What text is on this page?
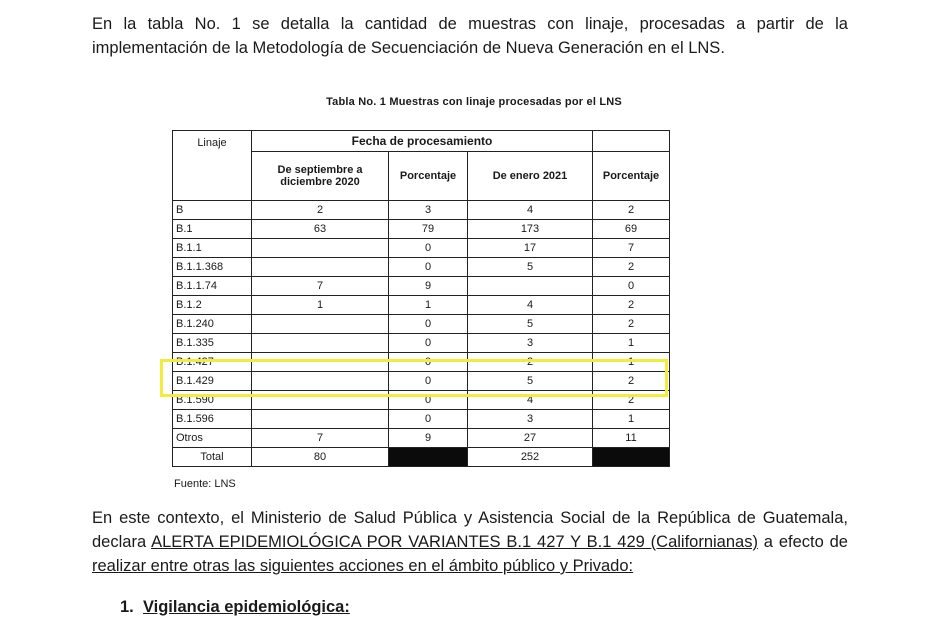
En la tabla No. 1 se detalla la cantidad de muestras con linaje, procesadas a partir de la implementación de la Metodología de Secuenciación de Nueva Generación en el LNS.
Tabla No. 1 Muestras con linaje procesadas por el LNS
Linaje	Fecha de procesamiento			
	De septiembre a diciembre 2020	Porcentaje	De enero 2021	Porcentaje
B	2	3	4	2
B.1	63	79	173	69
B.1.1		0	17	7
B.1.1.368		0	5	2
B.1.1.74	7	9		0
B.1.2	1	1	4	2
B.1.240		0	5	2
B.1.335		0	3	1
B.1.427		0	2	1
B.1.429		0	5	2
B.1.590		0	4	2
B.1.596		0	3	1
Otros	7	9	27	11
Total	80		252	
Fuente: LNS
En este contexto, el Ministerio de Salud Pública y Asistencia Social de la República de Guatemala, declara ALERTA EPIDEMIOLÓGICA POR VARIANTES B.1 427 Y B.1 429 (Californianas) a efecto de realizar entre otras las siguientes acciones en el ámbito público y Privado:
1. Vigilancia epidemiológica:
